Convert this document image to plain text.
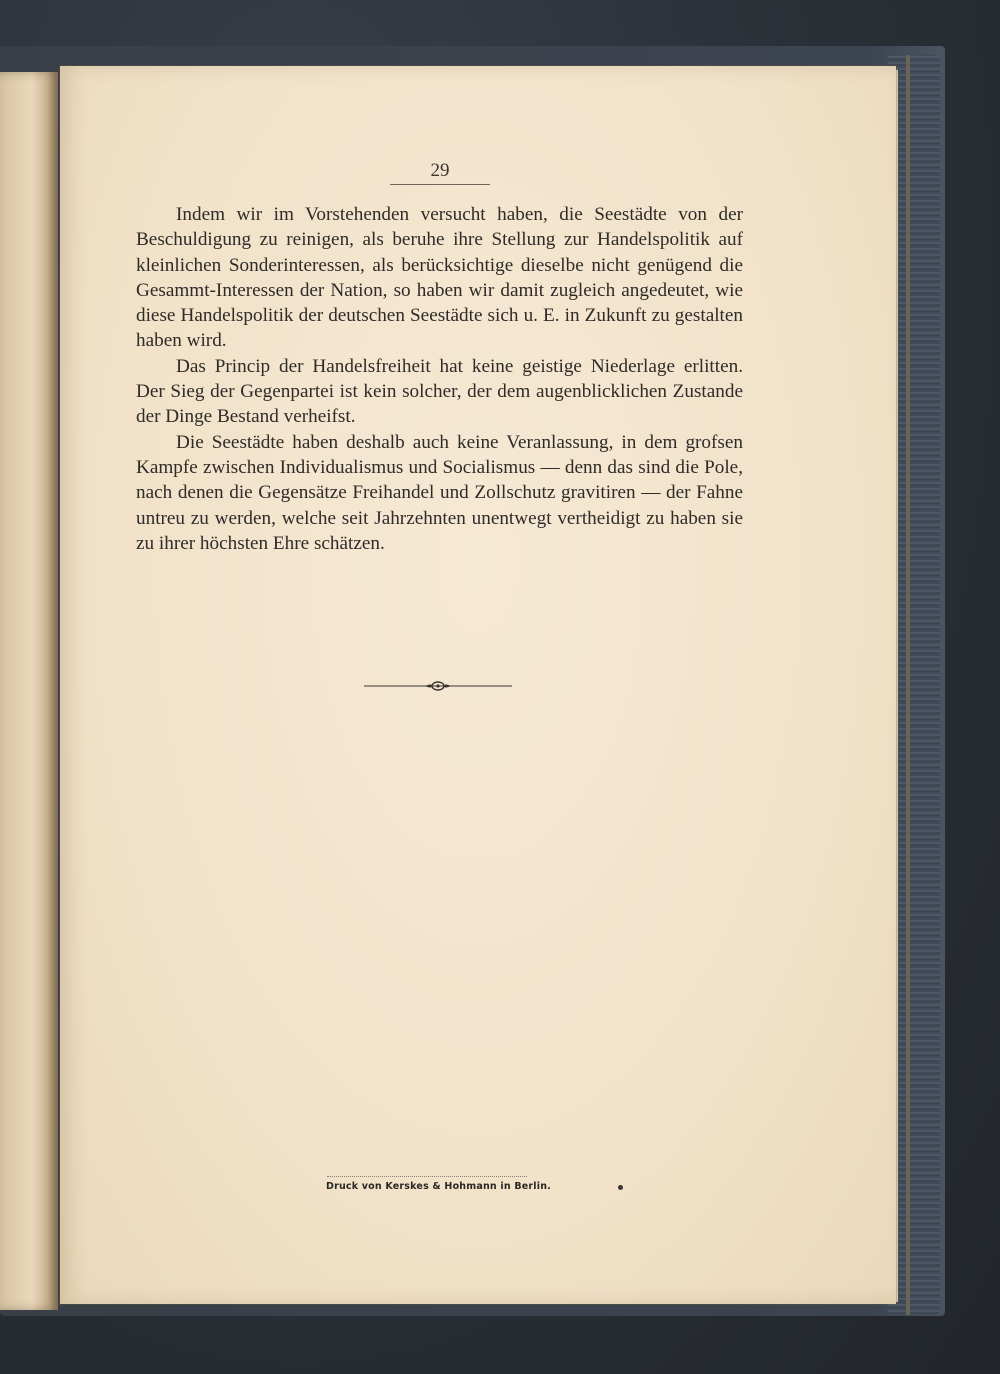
29

Indem wir im Vorstehenden versucht haben, die Seestädte von der Beschuldigung zu reinigen, als beruhe ihre Stellung zur Handelspolitik auf kleinlichen Sonderinteressen, als berücksichtige dieselbe nicht genügend die Gesammt-Interessen der Nation, so haben wir damit zugleich angedeutet, wie diese Handelspolitik der deutschen Seestädte sich u. E. in Zukunft zu gestalten haben wird.

Das Princip der Handelsfreiheit hat keine geistige Niederlage erlitten. Der Sieg der Gegenpartei ist kein solcher, der dem augenblicklichen Zustande der Dinge Bestand verheifst.

Die Seestädte haben deshalb auch keine Veranlassung, in dem grofsen Kampfe zwischen Individualismus und Socialismus — denn das sind die Pole, nach denen die Gegensätze Freihandel und Zollschutz gravitiren — der Fahne untreu zu werden, welche seit Jahrzehnten unentwegt vertheidigt zu haben sie zu ihrer höchsten Ehre schätzen.

Druck von Kerskes & Hohmann in Berlin.
